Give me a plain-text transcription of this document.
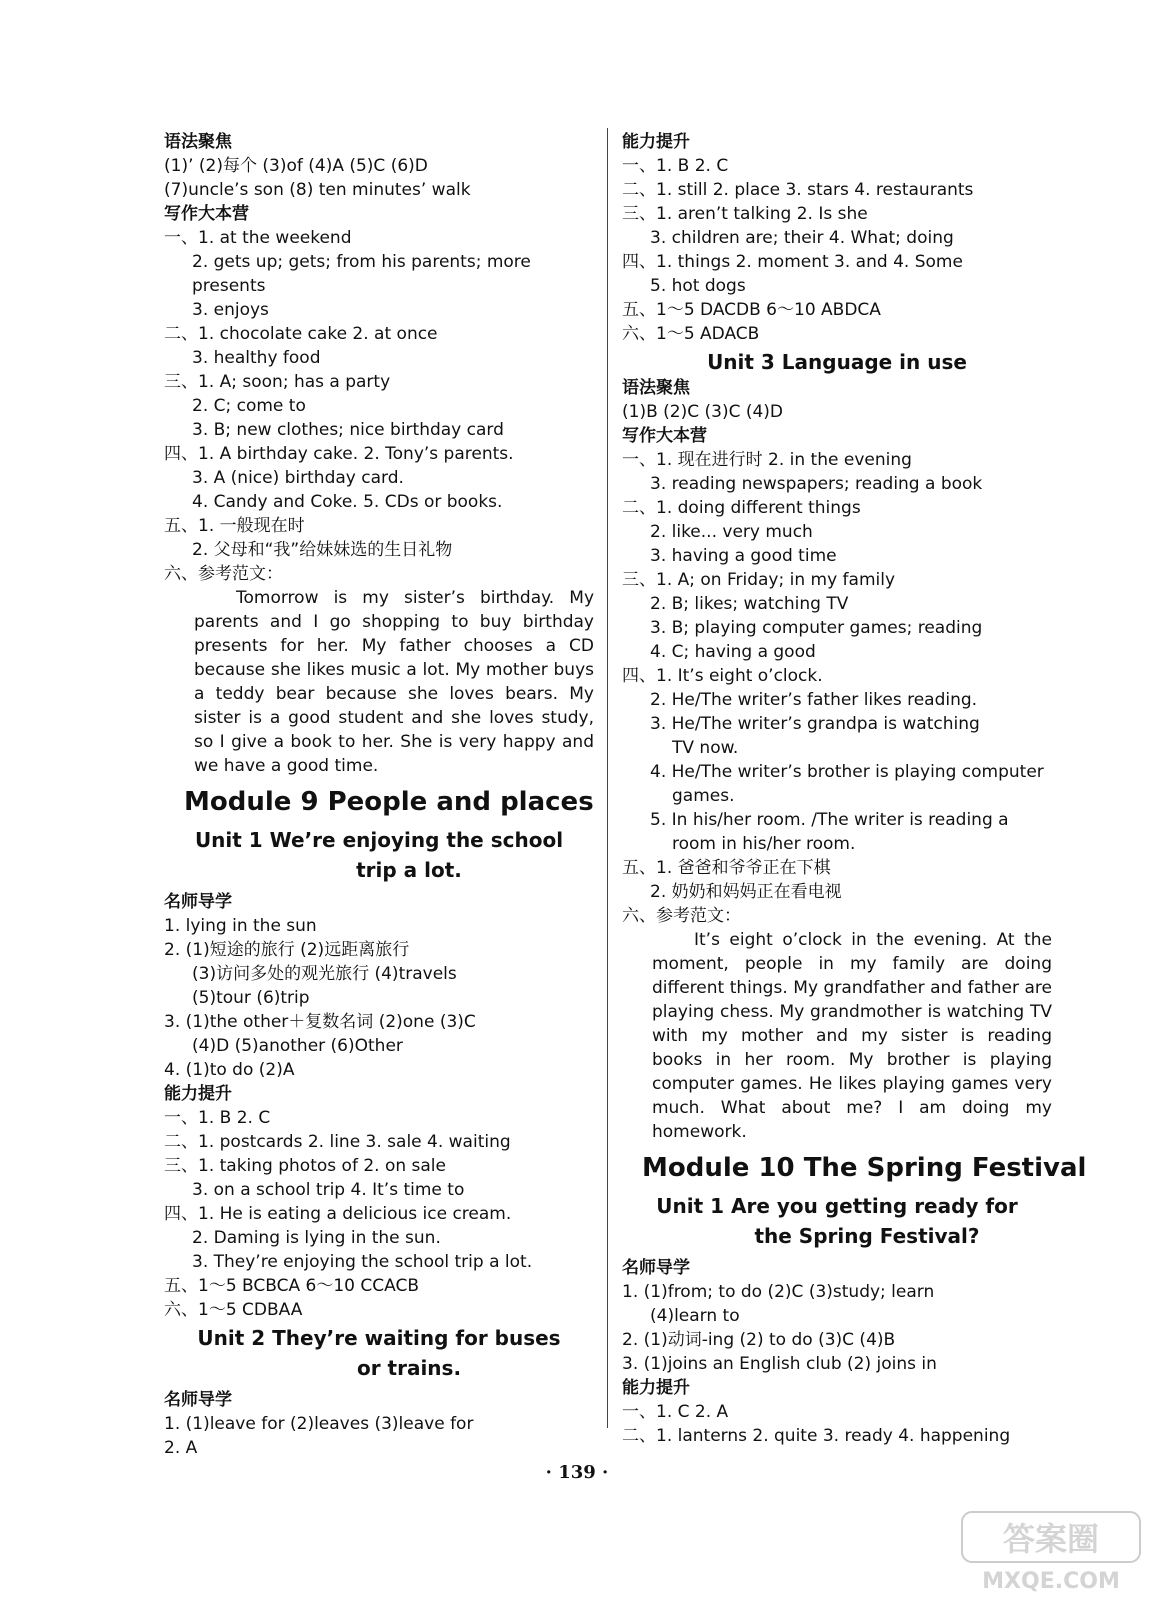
语法聚焦
(1)’ (2)每个 (3)of (4)A (5)C (6)D
(7)uncle’s son (8) ten minutes’ walk
写作大本营
一、1. at the weekend
2. gets up; gets; from his parents; more
presents
3. enjoys
二、1. chocolate cake 2. at once
3. healthy food
三、1. A; soon; has a party
2. C; come to
3. B; new clothes; nice birthday card
四、1. A birthday cake. 2. Tony’s parents.
3. A (nice) birthday card.
4. Candy and Coke. 5. CDs or books.
五、1. 一般现在时
2. 父母和“我”给妹妹选的生日礼物
六、参考范文：
Tomorrow is my sister’s birthday. My parents and I go shopping to buy birthday presents for her. My father chooses a CD because she likes music a lot. My mother buys a teddy bear because she loves bears. My sister is a good student and she loves study, so I give a book to her. She is very happy and we have a good time.
Module 9 People and places
Unit 1 We’re enjoying the school
trip a lot.
名师导学
1. lying in the sun
2. (1)短途的旅行 (2)远距离旅行
(3)访问多处的观光旅行 (4)travels
(5)tour (6)trip
3. (1)the other＋复数名词 (2)one (3)C
(4)D (5)another (6)Other
4. (1)to do (2)A
能力提升
一、1. B 2. C
二、1. postcards 2. line 3. sale 4. waiting
三、1. taking photos of 2. on sale
3. on a school trip 4. It’s time to
四、1. He is eating a delicious ice cream.
2. Daming is lying in the sun.
3. They’re enjoying the school trip a lot.
五、1～5 BCBCA 6～10 CCACB
六、1～5 CDBAA
Unit 2 They’re waiting for buses
or trains.
名师导学
1. (1)leave for (2)leaves (3)leave for
2. A
能力提升
一、1. B 2. C
二、1. still 2. place 3. stars 4. restaurants
三、1. aren’t talking 2. Is she
3. children are; their 4. What; doing
四、1. things 2. moment 3. and 4. Some
5. hot dogs
五、1～5 DACDB 6～10 ABDCA
六、1～5 ADACB
Unit 3 Language in use
语法聚焦
(1)B (2)C (3)C (4)D
写作大本营
一、1. 现在进行时 2. in the evening
3. reading newspapers; reading a book
二、1. doing different things
2. like... very much
3. having a good time
三、1. A; on Friday; in my family
2. B; likes; watching TV
3. B; playing computer games; reading
4. C; having a good
四、1. It’s eight o’clock.
2. He/The writer’s father likes reading.
3. He/The writer’s grandpa is watching
TV now.
4. He/The writer’s brother is playing computer
games.
5. In his/her room. /The writer is reading a
room in his/her room.
五、1. 爸爸和爷爷正在下棋
2. 奶奶和妈妈正在看电视
六、参考范文：
It’s eight o’clock in the evening. At the moment, people in my family are doing different things. My grandfather and father are playing chess. My grandmother is watching TV with my mother and my sister is reading books in her room. My brother is playing computer games. He likes playing games very much. What about me? I am doing my homework.
Module 10 The Spring Festival
Unit 1 Are you getting ready for
the Spring Festival?
名师导学
1. (1)from; to do (2)C (3)study; learn
(4)learn to
2. (1)动词-ing (2) to do (3)C (4)B
3. (1)joins an English club (2) joins in
能力提升
一、1. C 2. A
二、1. lanterns 2. quite 3. ready 4. happening
· 139 ·
答案圈
MXQE.COM
